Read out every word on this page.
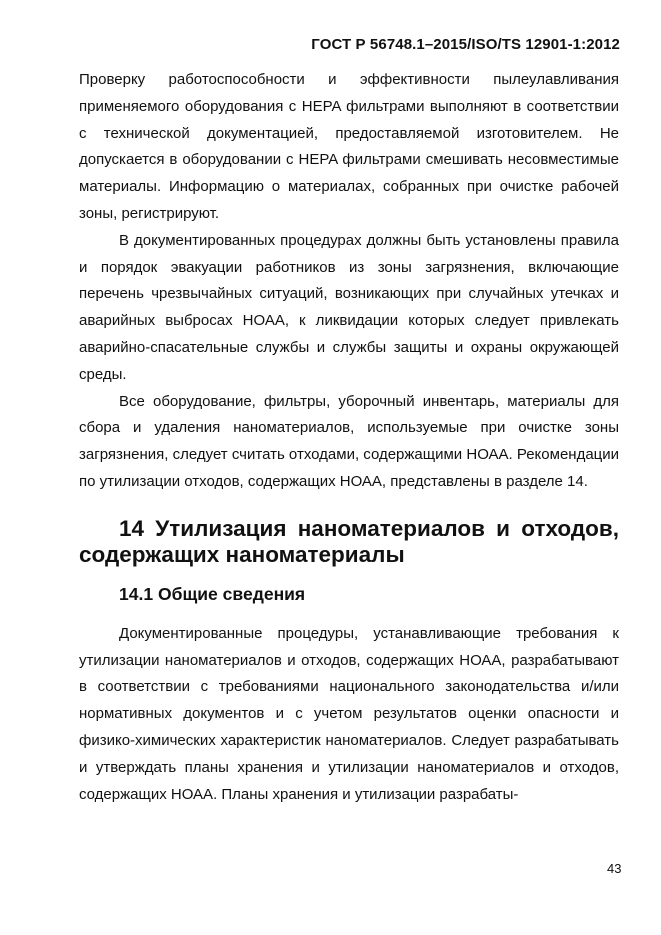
ГОСТ Р 56748.1–2015/ISO/TS 12901-1:2012

Проверку работоспособности и эффективности пылеулавливания применяемого оборудования с HEPA фильтрами выполняют в соответствии с технической документацией, предоставляемой изготовителем. Не допускается в оборудовании с HEPA фильтрами смешивать несовместимые материалы. Информацию о материалах, собранных при очистке рабочей зоны, регистрируют.

В документированных процедурах должны быть установлены правила и порядок эвакуации работников из зоны загрязнения, включающие перечень чрезвычайных ситуаций, возникающих при случайных утечках и аварийных выбросах НОАА, к ликвидации которых следует привлекать аварийно-спасательные службы и службы защиты и охраны окружающей среды.

Все оборудование, фильтры, уборочный инвентарь, материалы для сбора и удаления наноматериалов, используемые при очистке зоны загрязнения, следует считать отходами, содержащими НОАА. Рекомендации по утилизации отходов, содержащих НОАА, представлены в разделе 14.

14 Утилизация наноматериалов и отходов, содержащих наноматериалы
14.1 Общие сведения

Документированные процедуры, устанавливающие требования к утилизации наноматериалов и отходов, содержащих НОАА, разрабатывают в соответствии с требованиями национального законодательства и/или нормативных документов и с учетом результатов оценки опасности и физико-химических характеристик наноматериалов. Следует разрабатывать и утверждать планы хранения и утилизации наноматериалов и отходов, содержащих НОАА. Планы хранения и утилизации разрабаты-

43
